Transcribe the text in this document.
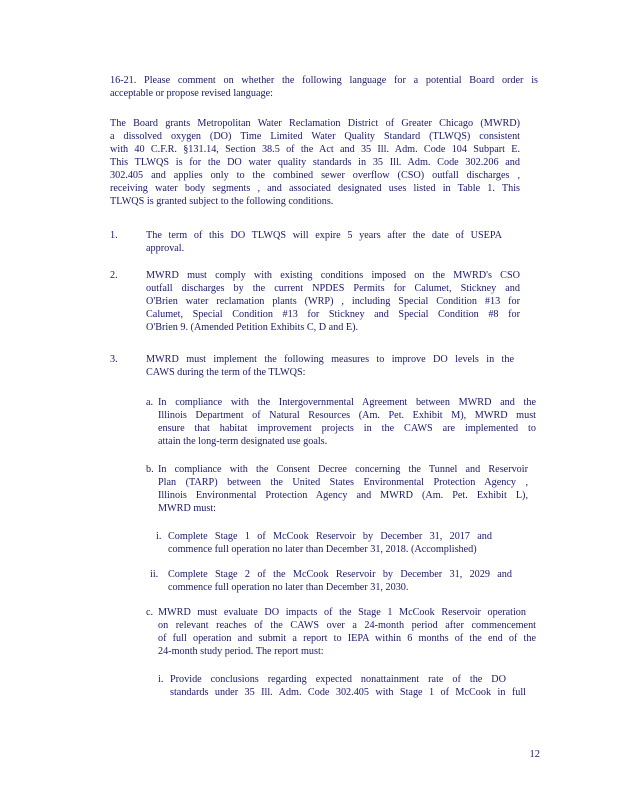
16-21. Please comment on whether the following language for a potential Board order is
acceptable or propose revised language:
The Board grants Metropolitan Water Reclamation District of Greater Chicago (MWRD)
a dissolved oxygen (DO) Time Limited Water Quality Standard (TLWQS) consistent
with 40 C.F.R. §131.14, Section 38.5 of the Act and 35 Ill. Adm. Code 104 Subpart E.
This TLWQS is for the DO water quality standards in 35 Ill. Adm. Code 302.206 and
302.405 and applies only to the combined sewer overflow (CSO) outfall discharges ,
receiving water body segments , and associated designated uses listed in Table 1. This
TLWQS is granted subject to the following conditions.
1.	The term of this DO TLWQS will expire 5 years after the date of USEPA
approval.
2.	MWRD must comply with existing conditions imposed on the MWRD's CSO
outfall discharges by the current NPDES Permits for Calumet, Stickney and
O'Brien water reclamation plants (WRP) , including Special Condition #13 for
Calumet, Special Condition #13 for Stickney and Special Condition #8 for
O'Brien 9. (Amended Petition Exhibits C, D and E).
3.	MWRD must implement the following measures to improve DO levels in the
CAWS during the term of the TLWQS:
a. In compliance with the Intergovernmental Agreement between MWRD and the
Illinois Department of Natural Resources (Am. Pet. Exhibit M), MWRD must
ensure that habitat improvement projects in the CAWS are implemented to
attain the long-term designated use goals.
b. In compliance with the Consent Decree concerning the Tunnel and Reservoir
Plan (TARP) between the United States Environmental Protection Agency ,
Illinois Environmental Protection Agency and MWRD (Am. Pet. Exhibit L),
MWRD must:
i. Complete Stage 1 of McCook Reservoir by December 31, 2017 and
commence full operation no later than December 31, 2018. (Accomplished)
ii. Complete Stage 2 of the McCook Reservoir by December 31, 2029 and
commence full operation no later than December 31, 2030.
c. MWRD must evaluate DO impacts of the Stage 1 McCook Reservoir operation
on relevant reaches of the CAWS over a 24-month period after commencement
of full operation and submit a report to IEPA within 6 months of the end of the
24-month study period. The report must:
i. Provide conclusions regarding expected nonattainment rate of the DO
standards under 35 Ill. Adm. Code 302.405 with Stage 1 of McCook in full
12
